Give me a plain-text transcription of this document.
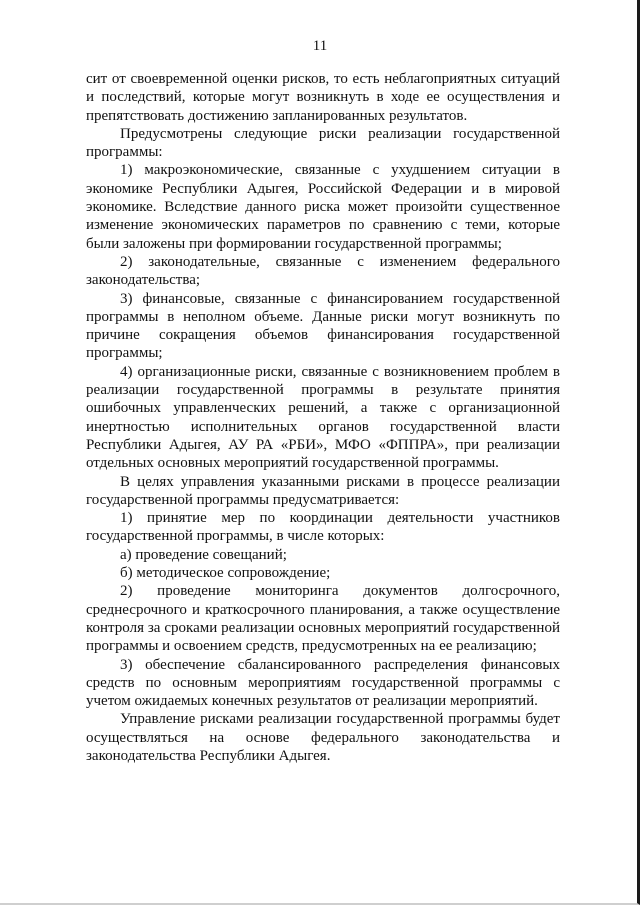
11

сит от своевременной оценки рисков, то есть неблагоприятных ситуаций и последствий, которые могут возникнуть в ходе ее осуществления и препятствовать достижению запланированных результатов.

Предусмотрены следующие риски реализации государственной программы:

1) макроэкономические, связанные с ухудшением ситуации в экономике Республики Адыгея, Российской Федерации и в мировой экономике. Вследствие данного риска может произойти существенное изменение экономических параметров по сравнению с теми, которые были заложены при формировании государственной программы;

2) законодательные, связанные с изменением федерального законодательства;

3) финансовые, связанные с финансированием государственной программы в неполном объеме. Данные риски могут возникнуть по причине сокращения объемов финансирования государственной программы;

4) организационные риски, связанные с возникновением проблем в реализации государственной программы в результате принятия ошибочных управленческих решений, а также с организационной инертностью исполнительных органов государственной власти Республики Адыгея, АУ РА «РБИ», МФО «ФППРА», при реализации отдельных основных мероприятий государственной программы.

В целях управления указанными рисками в процессе реализации государственной программы предусматривается:

1) принятие мер по координации деятельности участников государственной программы, в числе которых:

а) проведение совещаний;

б) методическое сопровождение;

2) проведение мониторинга документов долгосрочного, среднесрочного и краткосрочного планирования, а также осуществление контроля за сроками реализации основных мероприятий государственной программы и освоением средств, предусмотренных на ее реализацию;

3) обеспечение сбалансированного распределения финансовых средств по основным мероприятиям государственной программы с учетом ожидаемых конечных результатов от реализации мероприятий.

Управление рисками реализации государственной программы будет осуществляться на основе федерального законодательства и законодательства Республики Адыгея.
